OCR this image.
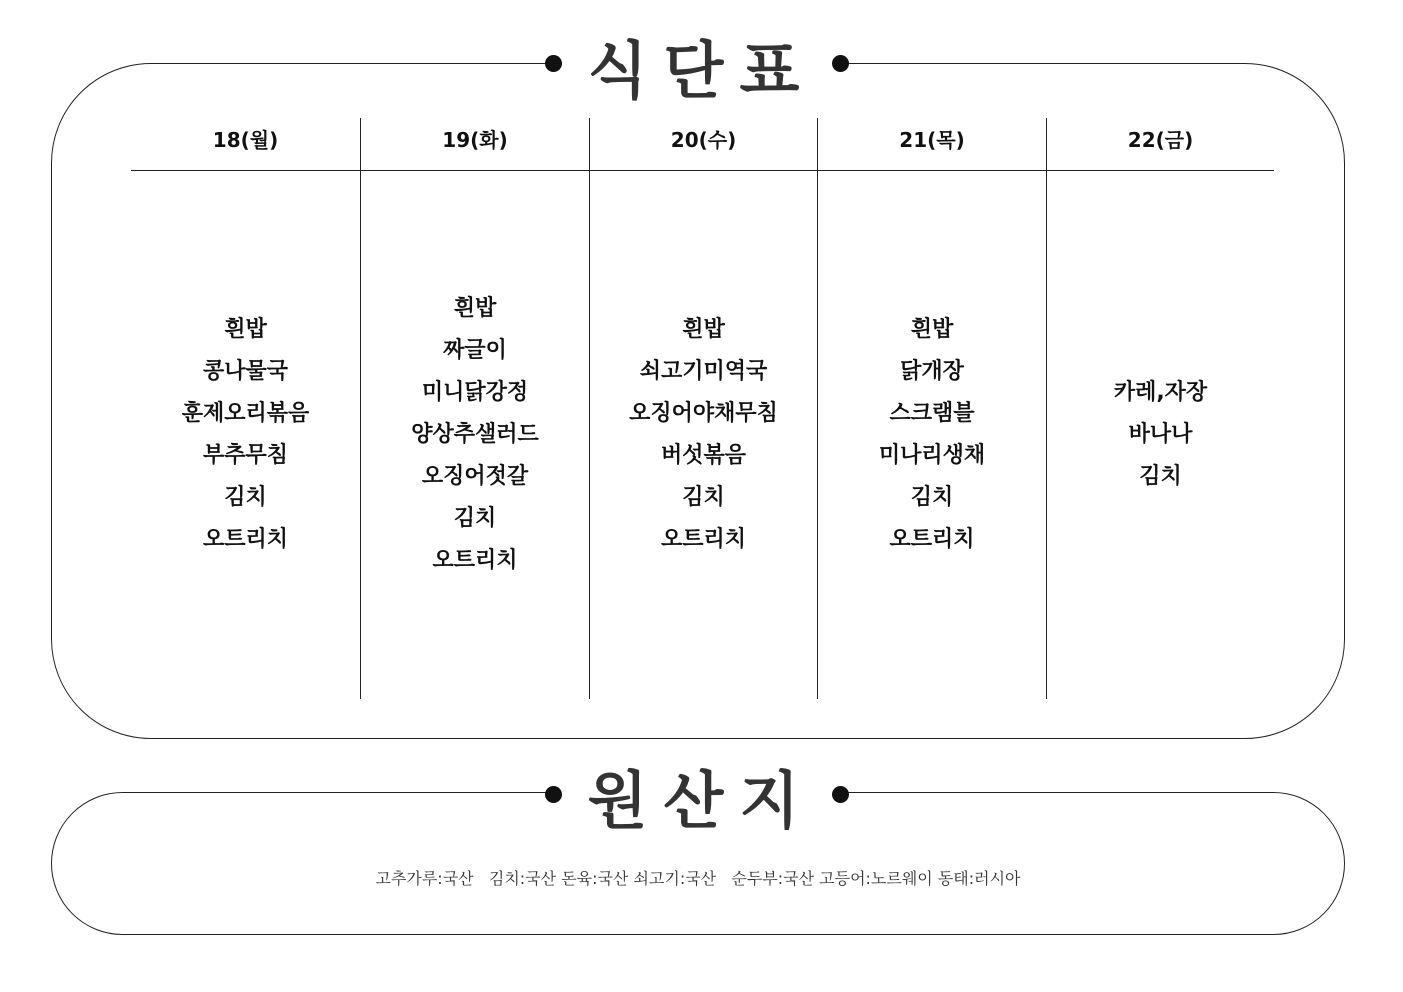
식단표
18(월)
흰밥
콩나물국
훈제오리볶음
부추무침
김치
오트리치
19(화)
흰밥
짜글이
미니닭강정
양상추샐러드
오징어젓갈
김치
오트리치
20(수)
흰밥
쇠고기미역국
오징어야채무침
버섯볶음
김치
오트리치
21(목)
흰밥
닭개장
스크램블
미나리생채
김치
오트리치
22(금)
카레,자장
바나나
김치
원산지
고추가루:국산   김치:국산 돈육:국산 쇠고기:국산   순두부:국산 고등어:노르웨이 동태:러시아
